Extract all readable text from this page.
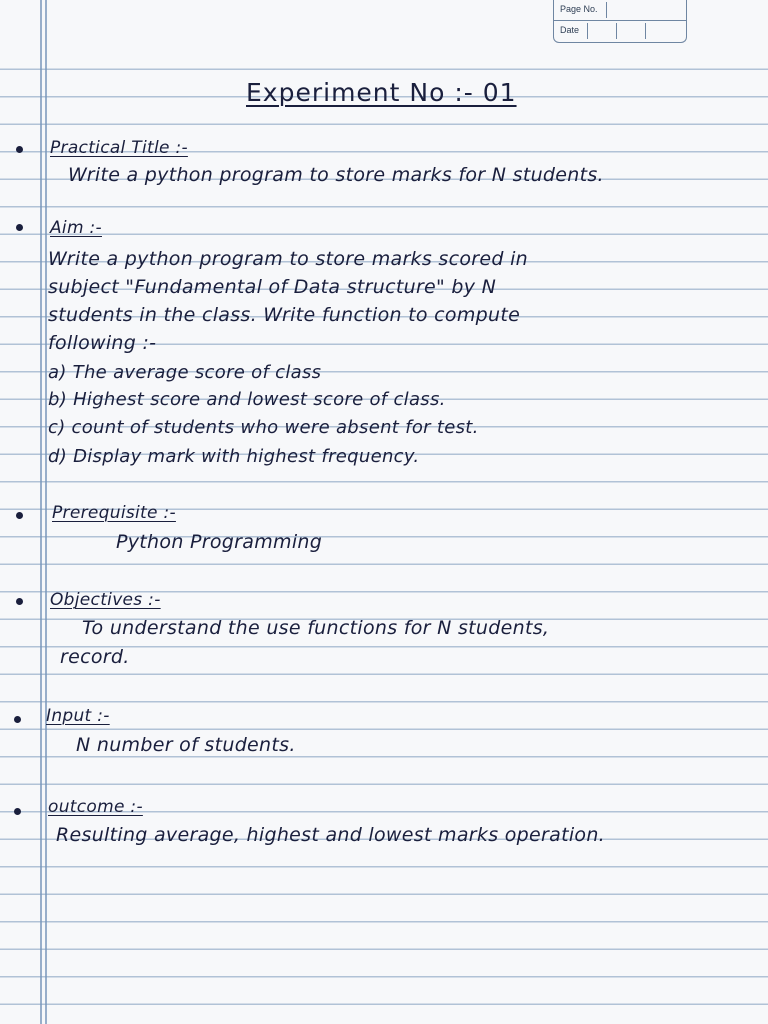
Page No.
Date
Experiment No :- 01
Practical Title :-
Write a python program to store marks for N students.
Aim :-
Write a python program to store marks scored in
subject "Fundamental of Data structure" by N
students in the class. Write function to compute
following :-
a) The average score of class
b) Highest score and lowest score of class.
c) count of students who were absent for test.
d) Display mark with highest frequency.
Prerequisite :-
Python Programming
Objectives :-
To understand the use functions for N students,
record.
Input :-
N number of students.
outcome :-
Resulting average, highest and lowest marks operation.
